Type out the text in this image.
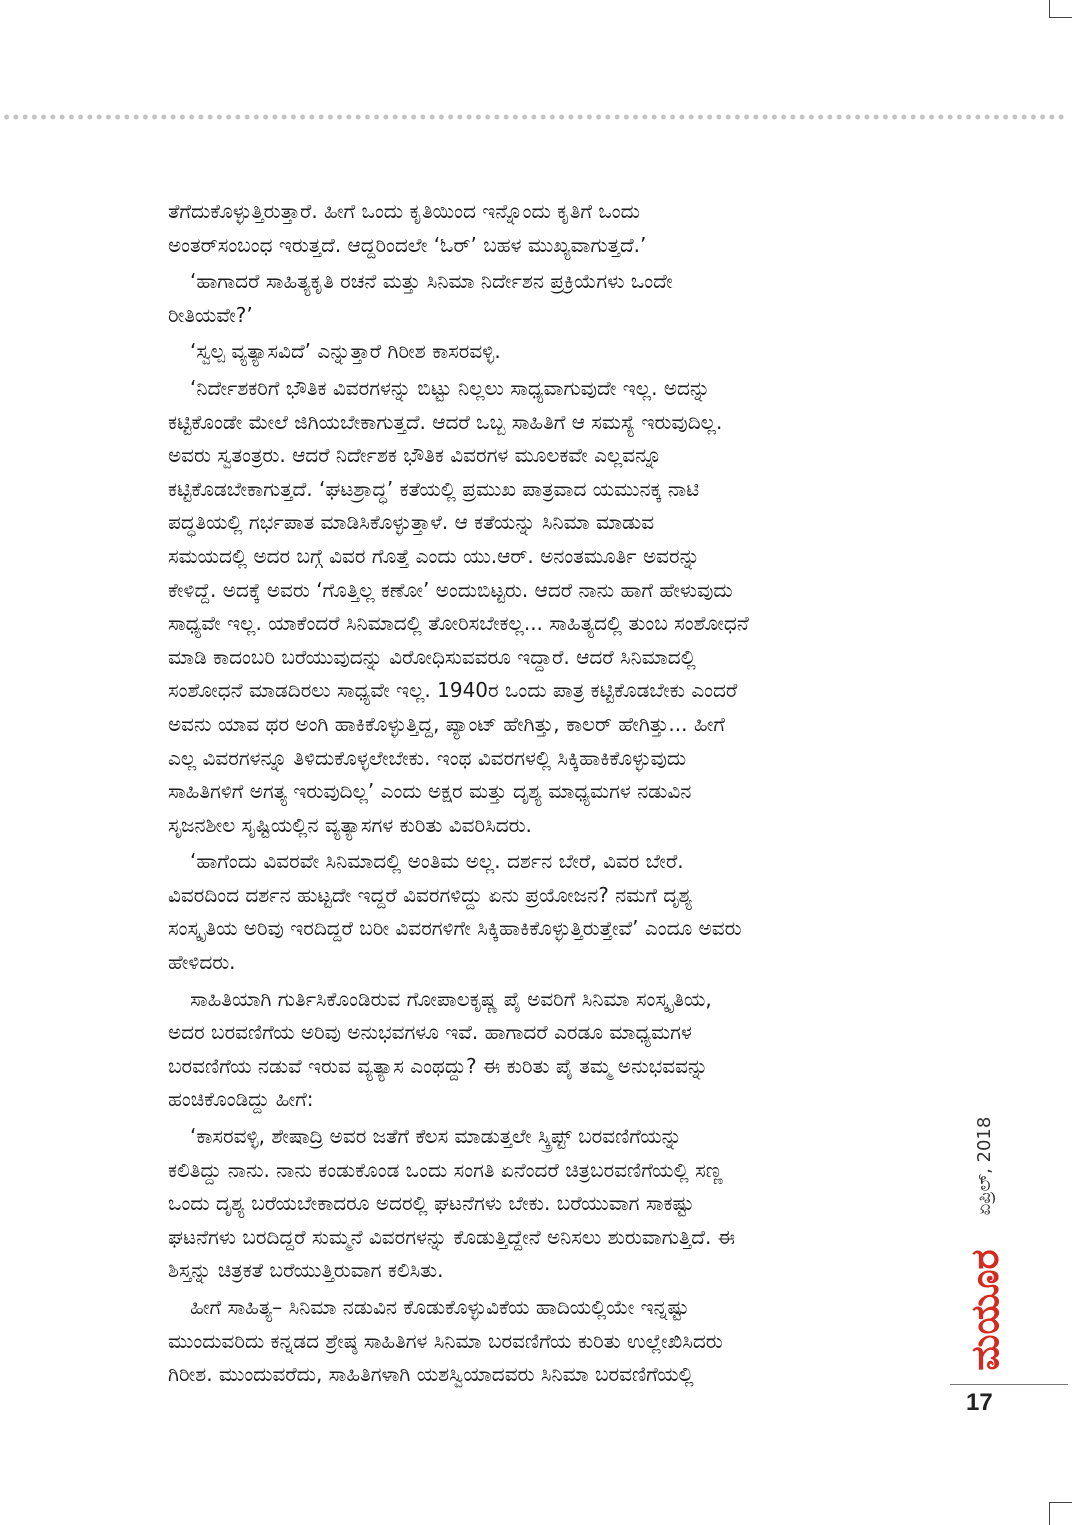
ತೆಗೆದುಕೊಳ್ಳುತ್ತಿರುತ್ತಾರೆ. ಹೀಗೆ ಒಂದು ಕೃತಿಯಿಂದ ಇನ್ನೊಂದು ಕೃತಿಗೆ ಒಂದು
ಅಂತರ್‌ಸಂಬಂಧ ಇರುತ್ತದೆ. ಆದ್ದರಿಂದಲೇ ‘ಓರ್’ ಬಹಳ ಮುಖ್ಯವಾಗುತ್ತದೆ.’
‘ಹಾಗಾದರೆ ಸಾಹಿತ್ಯಕೃತಿ ರಚನೆ ಮತ್ತು ಸಿನಿಮಾ ನಿರ್ದೇಶನ ಪ್ರಕ್ರಿಯೆಗಳು ಒಂದೇ
ರೀತಿಯವೇ?’
‘ಸ್ವಲ್ಪ ವ್ಯತ್ಯಾಸವಿದೆ’ ಎನ್ನುತ್ತಾರೆ ಗಿರೀಶ ಕಾಸರವಳ್ಳಿ.
‘ನಿರ್ದೇಶಕರಿಗೆ ಭೌತಿಕ ವಿವರಗಳನ್ನು ಬಿಟ್ಟು ನಿಲ್ಲಲು ಸಾಧ್ಯವಾಗುವುದೇ ಇಲ್ಲ. ಅದನ್ನು
ಕಟ್ಟಿಕೊಂಡೇ ಮೇಲೆ ಜಿಗಿಯಬೇಕಾಗುತ್ತದೆ. ಆದರೆ ಒಬ್ಬ ಸಾಹಿತಿಗೆ ಆ ಸಮಸ್ಯೆ ಇರುವುದಿಲ್ಲ.
ಅವರು ಸ್ವತಂತ್ರರು. ಆದರೆ ನಿರ್ದೇಶಕ ಭೌತಿಕ ವಿವರಗಳ ಮೂಲಕವೇ ಎಲ್ಲವನ್ನೂ
ಕಟ್ಟಿಕೊಡಬೇಕಾಗುತ್ತದೆ. ‘ಘಟಶ್ರಾದ್ಧ’ ಕತೆಯಲ್ಲಿ ಪ್ರಮುಖ ಪಾತ್ರವಾದ ಯಮುನಕ್ಕ ನಾಟಿ
ಪದ್ಧತಿಯಲ್ಲಿ ಗರ್ಭಪಾತ ಮಾಡಿಸಿಕೊಳ್ಳುತ್ತಾಳೆ. ಆ ಕತೆಯನ್ನು ಸಿನಿಮಾ ಮಾಡುವ
ಸಮಯದಲ್ಲಿ ಅದರ ಬಗ್ಗೆ ವಿವರ ಗೊತ್ತೆ ಎಂದು ಯು.ಆರ್. ಅನಂತಮೂರ್ತಿ ಅವರನ್ನು
ಕೇಳಿದ್ದೆ. ಅದಕ್ಕೆ ಅವರು ‘ಗೊತ್ತಿಲ್ಲ ಕಣೋ’ ಅಂದುಬಿಟ್ಟರು. ಆದರೆ ನಾನು ಹಾಗೆ ಹೇಳುವುದು
ಸಾಧ್ಯವೇ ಇಲ್ಲ. ಯಾಕೆಂದರೆ ಸಿನಿಮಾದಲ್ಲಿ ತೋರಿಸಬೇಕಲ್ಲ... ಸಾಹಿತ್ಯದಲ್ಲಿ ತುಂಬ ಸಂಶೋಧನೆ
ಮಾಡಿ ಕಾದಂಬರಿ ಬರೆಯುವುದನ್ನು ವಿರೋಧಿಸುವವರೂ ಇದ್ದಾರೆ. ಆದರೆ ಸಿನಿಮಾದಲ್ಲಿ
ಸಂಶೋಧನೆ ಮಾಡದಿರಲು ಸಾಧ್ಯವೇ ಇಲ್ಲ. 1940ರ ಒಂದು ಪಾತ್ರ ಕಟ್ಟಿಕೊಡಬೇಕು ಎಂದರೆ
ಅವನು ಯಾವ ಥರ ಅಂಗಿ ಹಾಕಿಕೊಳ್ಳುತ್ತಿದ್ದ, ಪ್ಯಾಂಟ್ ಹೇಗಿತ್ತು, ಕಾಲರ್ ಹೇಗಿತ್ತು... ಹೀಗೆ
ಎಲ್ಲ ವಿವರಗಳನ್ನೂ ತಿಳಿದುಕೊಳ್ಳಲೇಬೇಕು. ಇಂಥ ವಿವರಗಳಲ್ಲಿ ಸಿಕ್ಕಿಹಾಕಿಕೊಳ್ಳುವುದು
ಸಾಹಿತಿಗಳಿಗೆ ಅಗತ್ಯ ಇರುವುದಿಲ್ಲ’ ಎಂದು ಅಕ್ಷರ ಮತ್ತು ದೃಶ್ಯ ಮಾಧ್ಯಮಗಳ ನಡುವಿನ
ಸೃಜನಶೀಲ ಸೃಷ್ಟಿಯಲ್ಲಿನ ವ್ಯತ್ಯಾಸಗಳ ಕುರಿತು ವಿವರಿಸಿದರು.
‘ಹಾಗೆಂದು ವಿವರವೇ ಸಿನಿಮಾದಲ್ಲಿ ಅಂತಿಮ ಅಲ್ಲ. ದರ್ಶನ ಬೇರೆ, ವಿವರ ಬೇರೆ.
ವಿವರದಿಂದ ದರ್ಶನ ಹುಟ್ಟದೇ ಇದ್ದರೆ ವಿವರಗಳಿದ್ದು ಏನು ಪ್ರಯೋಜನ? ನಮಗೆ ದೃಶ್ಯ
ಸಂಸ್ಕೃತಿಯ ಅರಿವು ಇರದಿದ್ದರೆ ಬರೀ ವಿವರಗಳಿಗೇ ಸಿಕ್ಕಿಹಾಕಿಕೊಳ್ಳುತ್ತಿರುತ್ತೇವೆ’ ಎಂದೂ ಅವರು
ಹೇಳಿದರು.
ಸಾಹಿತಿಯಾಗಿ ಗುರ್ತಿಸಿಕೊಂಡಿರುವ ಗೋಪಾಲಕೃಷ್ಣ ಪೈ ಅವರಿಗೆ ಸಿನಿಮಾ ಸಂಸ್ಕೃತಿಯ,
ಅದರ ಬರವಣಿಗೆಯ ಅರಿವು ಅನುಭವಗಳೂ ಇವೆ. ಹಾಗಾದರೆ ಎರಡೂ ಮಾಧ್ಯಮಗಳ
ಬರವಣಿಗೆಯ ನಡುವೆ ಇರುವ ವ್ಯತ್ಯಾಸ ಎಂಥದ್ದು? ಈ ಕುರಿತು ಪೈ ತಮ್ಮ ಅನುಭವವನ್ನು
ಹಂಚಿಕೊಂಡಿದ್ದು ಹೀಗೆ:
‘ಕಾಸರವಳ್ಳಿ, ಶೇಷಾದ್ರಿ ಅವರ ಜತೆಗೆ ಕೆಲಸ ಮಾಡುತ್ತಲೇ ಸ್ಕ್ರಿಪ್ಟ್ ಬರವಣಿಗೆಯನ್ನು
ಕಲಿತಿದ್ದು ನಾನು. ನಾನು ಕಂಡುಕೊಂಡ ಒಂದು ಸಂಗತಿ ಏನೆಂದರೆ ಚಿತ್ರಬರವಣಿಗೆಯಲ್ಲಿ ಸಣ್ಣ
ಒಂದು ದೃಶ್ಯ ಬರೆಯಬೇಕಾದರೂ ಅದರಲ್ಲಿ ಘಟನೆಗಳು ಬೇಕು. ಬರೆಯುವಾಗ ಸಾಕಷ್ಟು
ಘಟನೆಗಳು ಬರದಿದ್ದರೆ ಸುಮ್ಮನೆ ವಿವರಗಳನ್ನು ಕೊಡುತ್ತಿದ್ದೇನೆ ಅನಿಸಲು ಶುರುವಾಗುತ್ತಿದೆ. ಈ
ಶಿಸ್ತನ್ನು ಚಿತ್ರಕತೆ ಬರೆಯುತ್ತಿರುವಾಗ ಕಲಿಸಿತು.
ಹೀಗೆ ಸಾಹಿತ್ಯ– ಸಿನಿಮಾ ನಡುವಿನ ಕೊಡುಕೊಳ್ಳುವಿಕೆಯ ಹಾದಿಯಲ್ಲಿಯೇ ಇನ್ನಷ್ಟು
ಮುಂದುವರಿದು ಕನ್ನಡದ ಶ್ರೇಷ್ಠ ಸಾಹಿತಿಗಳ ಸಿನಿಮಾ ಬರವಣಿಗೆಯ ಕುರಿತು ಉಲ್ಲೇಖಿಸಿದರು
ಗಿರೀಶ. ಮುಂದುವರೆದು, ಸಾಹಿತಿಗಳಾಗಿ ಯಶಸ್ವಿಯಾದವರು ಸಿನಿಮಾ ಬರವಣಿಗೆಯಲ್ಲಿ
ಏಪ್ರಿಲ್, 2018
ಮಯೂರ
17
